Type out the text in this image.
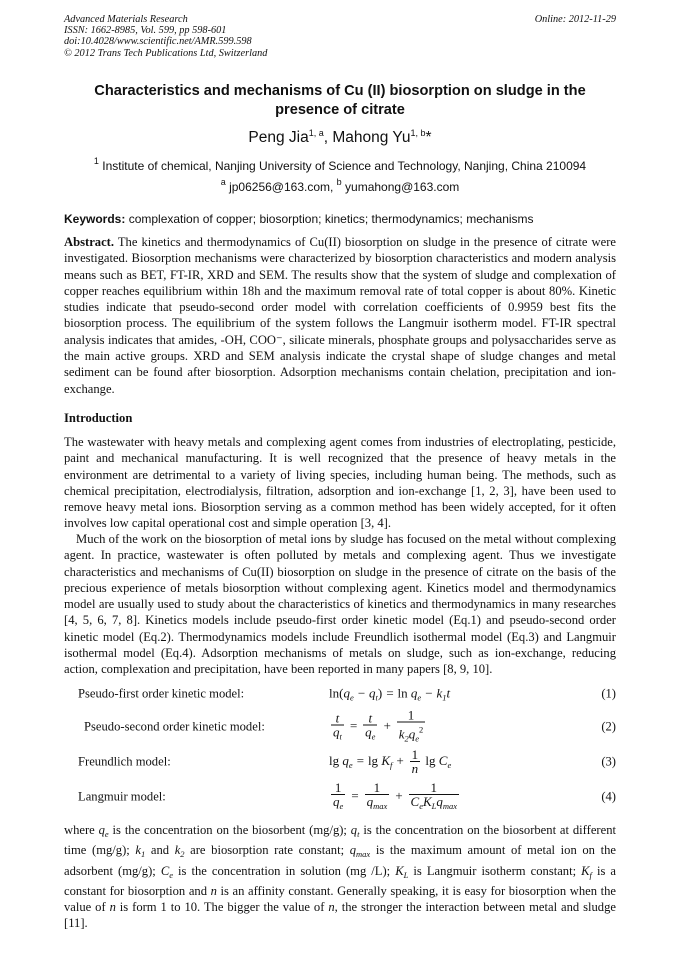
Advanced Materials Research
ISSN: 1662-8985, Vol. 599, pp 598-601
doi:10.4028/www.scientific.net/AMR.599.598
© 2012 Trans Tech Publications Ltd, Switzerland
Online: 2012-11-29
Characteristics and mechanisms of Cu (II) biosorption on sludge in the presence of citrate
Peng Jia$^{1, a}$, Mahong Yu$^{1, b}$*
$^1$ Institute of chemical, Nanjing University of Science and Technology, Nanjing, China 210094
$^a$ jp06256@163.com, $^b$ yumahong@163.com
Keywords: complexation of copper; biosorption; kinetics; thermodynamics; mechanisms
Abstract. The kinetics and thermodynamics of Cu(II) biosorption on sludge in the presence of citrate were investigated. Biosorption mechanisms were characterized by biosorption characteristics and modern analysis means such as BET, FT-IR, XRD and SEM. The results show that the system of sludge and complexation of copper reaches equilibrium within 18h and the maximum removal rate of total copper is about 80%. Kinetic studies indicate that pseudo-second order model with correlation coefficients of 0.9959 best fits the biosorption process. The equilibrium of the system follows the Langmuir isotherm model. FT-IR spectral analysis indicates that amides, -OH, COO⁻, silicate minerals, phosphate groups and polysaccharides serve as the main active groups. XRD and SEM analysis indicate the crystal shape of sludge changes and metal sediment can be found after biosorption. Adsorption mechanisms contain chelation, precipitation and ion-exchange.
Introduction
The wastewater with heavy metals and complexing agent comes from industries of electroplating, pesticide, paint and mechanical manufacturing. It is well recognized that the presence of heavy metals in the environment are detrimental to a variety of living species, including human being. The methods, such as chemical precipitation, electrodialysis, filtration, adsorption and ion-exchange [1, 2, 3], have been used to remove heavy metal ions. Biosorption serving as a common method has been widely accepted, for it often involves low capital operational cost and simple operation [3, 4].
Much of the work on the biosorption of metal ions by sludge has focused on the metal without complexing agent. In practice, wastewater is often polluted by metals and complexing agent. Thus we investigate characteristics and mechanisms of Cu(II) biosorption on sludge in the presence of citrate on the basis of the precious experience of metals biosorption without complexing agent. Kinetics model and thermodynamics model are usually used to study about the characteristics of kinetics and thermodynamics in many researches [4, 5, 6, 7, 8]. Kinetics models include pseudo-first order kinetic model (Eq.1) and pseudo-second order kinetic model (Eq.2). Thermodynamics models include Freundlich isothermal model (Eq.3) and Langmuir isothermal model (Eq.4). Adsorption mechanisms of metals on sludge, such as ion-exchange, reducing action, complexation and precipitation, have been reported in many papers [8, 9, 10].
Pseudo-first order kinetic model:	$\ln(q_e - q_t) = \ln q_e - k_1t$	(1)
Pseudo-second order kinetic model:	$\frac{t}{q_t} = \frac{t}{q_e} + \frac{1}{k_2q_e^2}$	(2)
Freundlich model:	$\lg q_e = \lg K_f + \frac{1}{n}$ $\lg C_e$	(3)
Langmuir model:	$\frac{1}{q_e} = \frac{1}{q_{max}} + \frac{1}{C_eK_Lq_{max}}$	(4)
where $q_e$ is the concentration on the biosorbent (mg/g); $q_t$ is the concentration on the biosorbent at different time (mg/g); $k_1$ and $k_2$ are biosorption rate constant; $q_{max}$ is the maximum amount of metal ion on the adsorbent (mg/g); $C_e$ is the concentration in solution (mg /L); $K_L$ is Langmuir isotherm constant; $K_f$ is a constant for biosorption and n is an affinity constant. Generally speaking, it is easy for biosorption when the value of n is form 1 to 10. The bigger the value of n, the stronger the interaction between metal and sludge [11].
